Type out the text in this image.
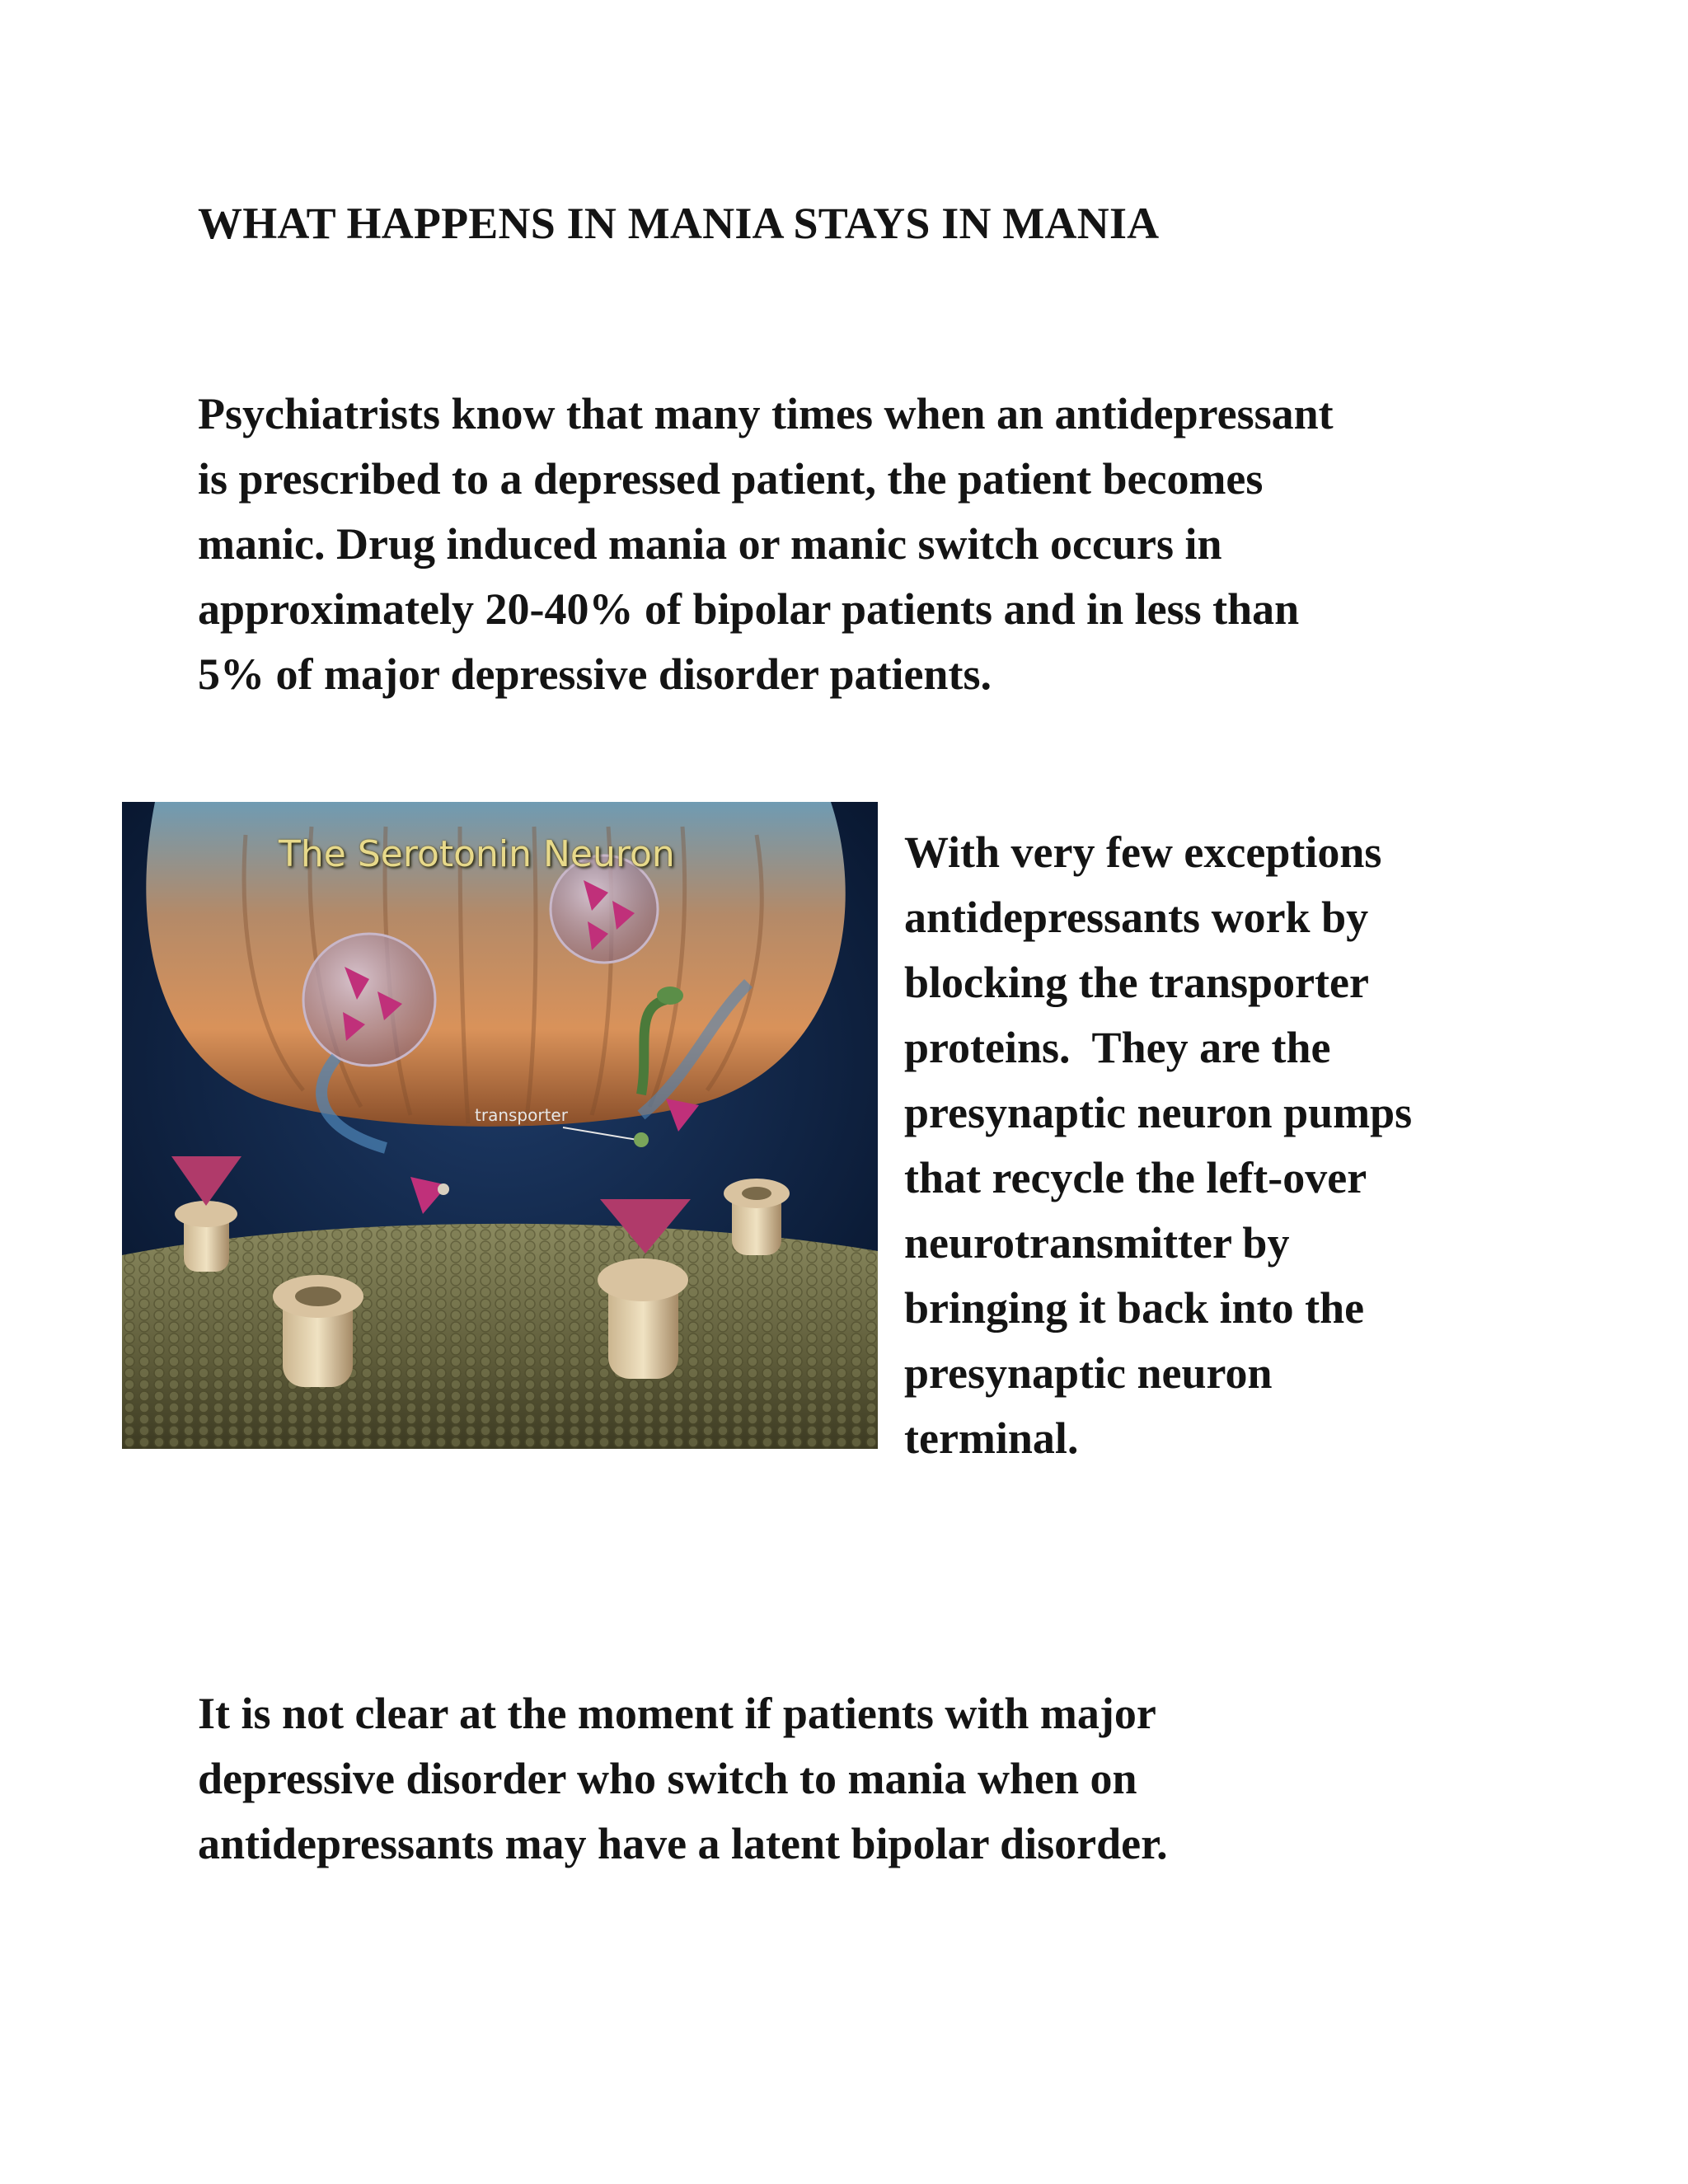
WHAT HAPPENS IN MANIA STAYS IN MANIA

Psychiatrists know that many times when an antidepressant
is prescribed to a depressed patient, the patient becomes
manic. Drug induced mania or manic switch occurs in
approximately 20-40% of bipolar patients and in less than
5% of major depressive disorder patients.

The Serotonin Neuron
transporter

With very few exceptions
antidepressants work by
blocking the transporter
proteins.  They are the
presynaptic neuron pumps
that recycle the left-over
neurotransmitter by
bringing it back into the
presynaptic neuron
terminal.

It is not clear at the moment if patients with major
depressive disorder who switch to mania when on
antidepressants may have a latent bipolar disorder.
